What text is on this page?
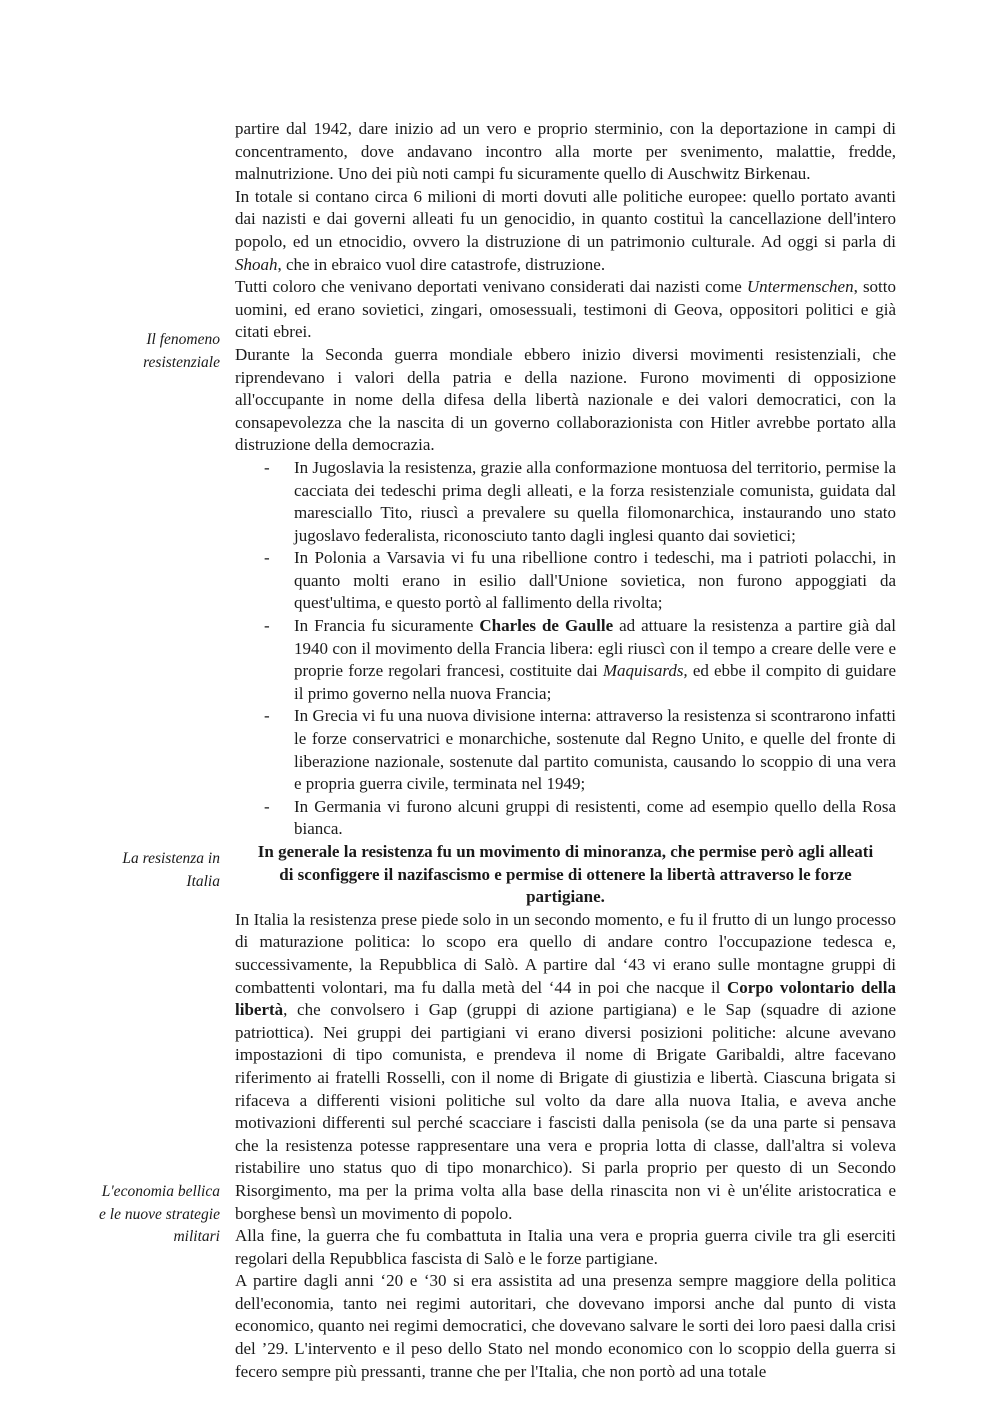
Il fenomeno resistenziale
La resistenza in Italia
L'economia bellica e le nuove strategie militari

partire dal 1942, dare inizio ad un vero e proprio sterminio, con la deportazione in campi di concentramento, dove andavano incontro alla morte per svenimento, malattie, fredde, malnutrizione. Uno dei più noti campi fu sicuramente quello di Auschwitz Birkenau.

In totale si contano circa 6 milioni di morti dovuti alle politiche europee: quello portato avanti dai nazisti e dai governi alleati fu un genocidio, in quanto costituì la cancellazione dell'intero popolo, ed un etnocidio, ovvero la distruzione di un patrimonio culturale. Ad oggi si parla di Shoah, che in ebraico vuol dire catastrofe, distruzione.

Tutti coloro che venivano deportati venivano considerati dai nazisti come Untermenschen, sotto uomini, ed erano sovietici, zingari, omosessuali, testimoni di Geova, oppositori politici e già citati ebrei.

Durante la Seconda guerra mondiale ebbero inizio diversi movimenti resistenziali, che riprendevano i valori della patria e della nazione. Furono movimenti di opposizione all'occupante in nome della difesa della libertà nazionale e dei valori democratici, con la consapevolezza che la nascita di un governo collaborazionista con Hitler avrebbe portato alla distruzione della democrazia.

- In Jugoslavia la resistenza, grazie alla conformazione montuosa del territorio, permise la cacciata dei tedeschi prima degli alleati, e la forza resistenziale comunista, guidata dal maresciallo Tito, riuscì a prevalere su quella filomonarchica, instaurando uno stato jugoslavo federalista, riconosciuto tanto dagli inglesi quanto dai sovietici;
- In Polonia a Varsavia vi fu una ribellione contro i tedeschi, ma i patrioti polacchi, in quanto molti erano in esilio dall'Unione sovietica, non furono appoggiati da quest'ultima, e questo portò al fallimento della rivolta;
- In Francia fu sicuramente Charles de Gaulle ad attuare la resistenza a partire già dal 1940 con il movimento della Francia libera: egli riuscì con il tempo a creare delle vere e proprie forze regolari francesi, costituite dai Maquisards, ed ebbe il compito di guidare il primo governo nella nuova Francia;
- In Grecia vi fu una nuova divisione interna: attraverso la resistenza si scontrarono infatti le forze conservatrici e monarchiche, sostenute dal Regno Unito, e quelle del fronte di liberazione nazionale, sostenute dal partito comunista, causando lo scoppio di una vera e propria guerra civile, terminata nel 1949;
- In Germania vi furono alcuni gruppi di resistenti, come ad esempio quello della Rosa bianca.

In generale la resistenza fu un movimento di minoranza, che permise però agli alleati di sconfiggere il nazifascismo e permise di ottenere la libertà attraverso le forze partigiane.

In Italia la resistenza prese piede solo in un secondo momento, e fu il frutto di un lungo processo di maturazione politica: lo scopo era quello di andare contro l'occupazione tedesca e, successivamente, la Repubblica di Salò. A partire dal ‘43 vi erano sulle montagne gruppi di combattenti volontari, ma fu dalla metà del ‘44 in poi che nacque il Corpo volontario della libertà, che convolsero i Gap (gruppi di azione partigiana) e le Sap (squadre di azione patriottica). Nei gruppi dei partigiani vi erano diversi posizioni politiche: alcune avevano impostazioni di tipo comunista, e prendeva il nome di Brigate Garibaldi, altre facevano riferimento ai fratelli Rosselli, con il nome di Brigate di giustizia e libertà. Ciascuna brigata si rifaceva a differenti visioni politiche sul volto da dare alla nuova Italia, e aveva anche motivazioni differenti sul perché scacciare i fascisti dalla penisola (se da una parte si pensava che la resistenza potesse rappresentare una vera e propria lotta di classe, dall'altra si voleva ristabilire uno status quo di tipo monarchico). Si parla proprio per questo di un Secondo Risorgimento, ma per la prima volta alla base della rinascita non vi è un'élite aristocratica e borghese bensì un movimento di popolo.

Alla fine, la guerra che fu combattuta in Italia una vera e propria guerra civile tra gli eserciti regolari della Repubblica fascista di Salò e le forze partigiane.

A partire dagli anni ‘20 e ‘30 si era assistita ad una presenza sempre maggiore della politica dell'economia, tanto nei regimi autoritari, che dovevano imporsi anche dal punto di vista economico, quanto nei regimi democratici, che dovevano salvare le sorti dei loro paesi dalla crisi del ’29. L'intervento e il peso dello Stato nel mondo economico con lo scoppio della guerra si fecero sempre più pressanti, tranne che per l'Italia, che non portò ad una totale
